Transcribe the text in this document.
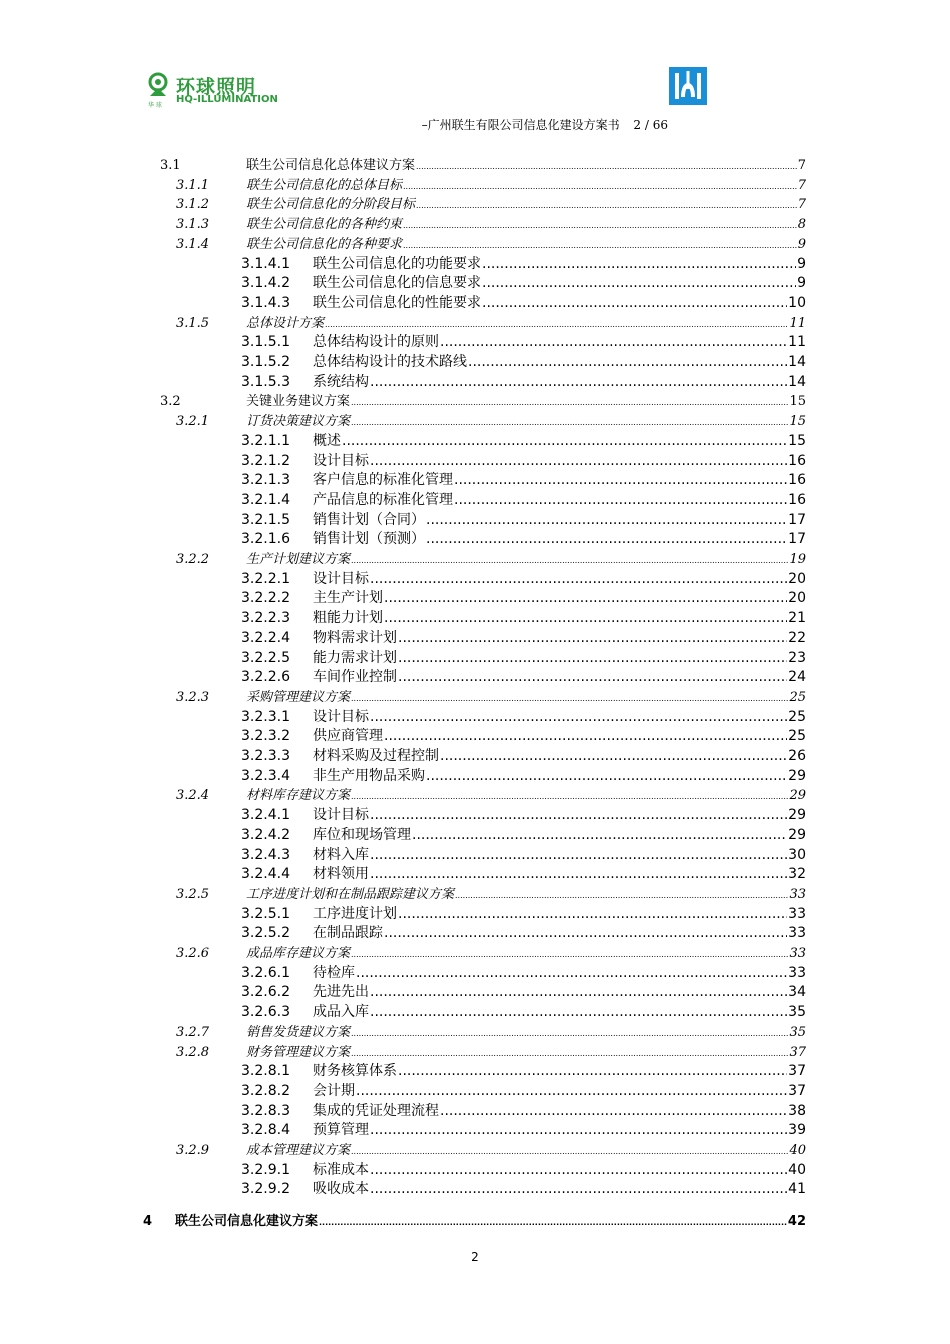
环球照明
HQ-ILLUMINATION
华 球
–广州联生有限公司信息化建设方案书 2 / 66
3.1	联生公司信息化总体建议方案 .....	7
3.1.1	联生公司信息化的总体目标 .....	7
3.1.2	联生公司信息化的分阶段目标 .....	7
3.1.3	联生公司信息化的各种约束 .....	8
3.1.4	联生公司信息化的各种要求 .....	9
3.1.4.1	联生公司信息化的功能要求 .....	9
3.1.4.2	联生公司信息化的信息要求 .....	9
3.1.4.3	联生公司信息化的性能要求 .....	10
3.1.5	总体设计方案 .....	11
3.1.5.1	总体结构设计的原则 .....	11
3.1.5.2	总体结构设计的技术路线 .....	14
3.1.5.3	系统结构 .....	14
3.2	关键业务建议方案 .....	15
3.2.1	订货决策建议方案 .....	15
3.2.1.1	概述 .....	15
3.2.1.2	设计目标 .....	16
3.2.1.3	客户信息的标准化管理 .....	16
3.2.1.4	产品信息的标准化管理 .....	16
3.2.1.5	销售计划（合同） .....	17
3.2.1.6	销售计划（预测） .....	17
3.2.2	生产计划建议方案 .....	19
3.2.2.1	设计目标 .....	20
3.2.2.2	主生产计划 .....	20
3.2.2.3	粗能力计划 .....	21
3.2.2.4	物料需求计划 .....	22
3.2.2.5	能力需求计划 .....	23
3.2.2.6	车间作业控制 .....	24
3.2.3	采购管理建议方案 .....	25
3.2.3.1	设计目标 .....	25
3.2.3.2	供应商管理 .....	25
3.2.3.3	材料采购及过程控制 .....	26
3.2.3.4	非生产用物品采购 .....	29
3.2.4	材料库存建议方案 .....	29
3.2.4.1	设计目标 .....	29
3.2.4.2	库位和现场管理 .....	29
3.2.4.3	材料入库 .....	30
3.2.4.4	材料领用 .....	32
3.2.5	工序进度计划和在制品跟踪建议方案 .....	33
3.2.5.1	工序进度计划 .....	33
3.2.5.2	在制品跟踪 .....	33
3.2.6	成品库存建议方案 .....	33
3.2.6.1	待检库 .....	33
3.2.6.2	先进先出 .....	34
3.2.6.3	成品入库 .....	35
3.2.7	销售发货建议方案 .....	35
3.2.8	财务管理建议方案 .....	37
3.2.8.1	财务核算体系 .....	37
3.2.8.2	会计期 .....	37
3.2.8.3	集成的凭证处理流程 .....	38
3.2.8.4	预算管理 .....	39
3.2.9	成本管理建议方案 .....	40
3.2.9.1	标准成本 .....	40
3.2.9.2	吸收成本 .....	41
4	联生公司信息化建议方案 .....	42
2
